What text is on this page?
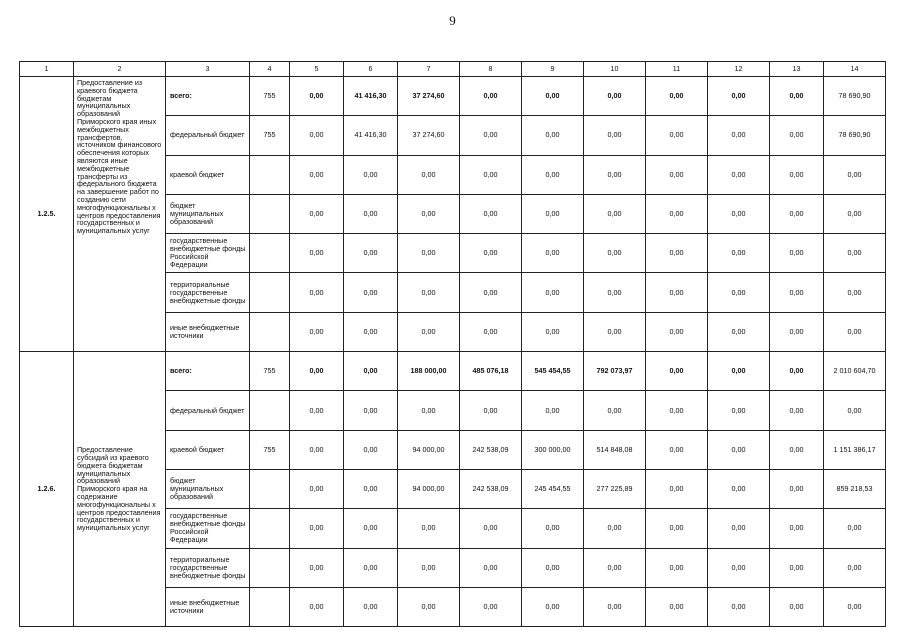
9
1	2	3	4	5	6	7	8	9	10	11	12	13	14
1.2.5.	Предоставление из краевого бюджета бюджетам муниципальных образований Приморского края иных межбюджетных трансфертов, источником финансового обеспечения которых являются иные межбюджетные трансферты из федерального бюджета на завершение работ по созданию сети многофункциональны х центров предоставления государственных и муниципальных услуг	всего:	755	0,00	41 416,30	37 274,60	0,00	0,00	0,00	0,00	0,00	0,00	78 690,90
		федеральный бюджет	755	0,00	41 416,30	37 274,60	0,00	0,00	0,00	0,00	0,00	0,00	78 690,90
		краевой бюджет		0,00	0,00	0,00	0,00	0,00	0,00	0,00	0,00	0,00	0,00
		бюджет муниципальных образований		0,00	0,00	0,00	0,00	0,00	0,00	0,00	0,00	0,00	0,00
		государственные внебюджетные фонды Российской Федерации		0,00	0,00	0,00	0,00	0,00	0,00	0,00	0,00	0,00	0,00
		территориальные государственные внебюджетные фонды		0,00	0,00	0,00	0,00	0,00	0,00	0,00	0,00	0,00	0,00
		иные внебюджетные источники		0,00	0,00	0,00	0,00	0,00	0,00	0,00	0,00	0,00	0,00
1.2.6.	Предоставление субсидий из краевого бюджета бюджетам муниципальных образований Приморского края на содержание многофункциональны х центров предоставления государственных и муниципальных услуг	всего:	755	0,00	0,00	188 000,00	485 076,18	545 454,55	792 073,97	0,00	0,00	0,00	2 010 604,70
		федеральный бюджет		0,00	0,00	0,00	0,00	0,00	0,00	0,00	0,00	0,00	0,00
		краевой бюджет	755	0,00	0,00	94 000,00	242 538,09	300 000,00	514 848,08	0,00	0,00	0,00	1 151 386,17
		бюджет муниципальных образований		0,00	0,00	94 000,00	242 538,09	245 454,55	277 225,89	0,00	0,00	0,00	859 218,53
		государственные внебюджетные фонды Российской Федерации		0,00	0,00	0,00	0,00	0,00	0,00	0,00	0,00	0,00	0,00
		территориальные государственные внебюджетные фонды		0,00	0,00	0,00	0,00	0,00	0,00	0,00	0,00	0,00	0,00
		иные внебюджетные источники		0,00	0,00	0,00	0,00	0,00	0,00	0,00	0,00	0,00	0,00
